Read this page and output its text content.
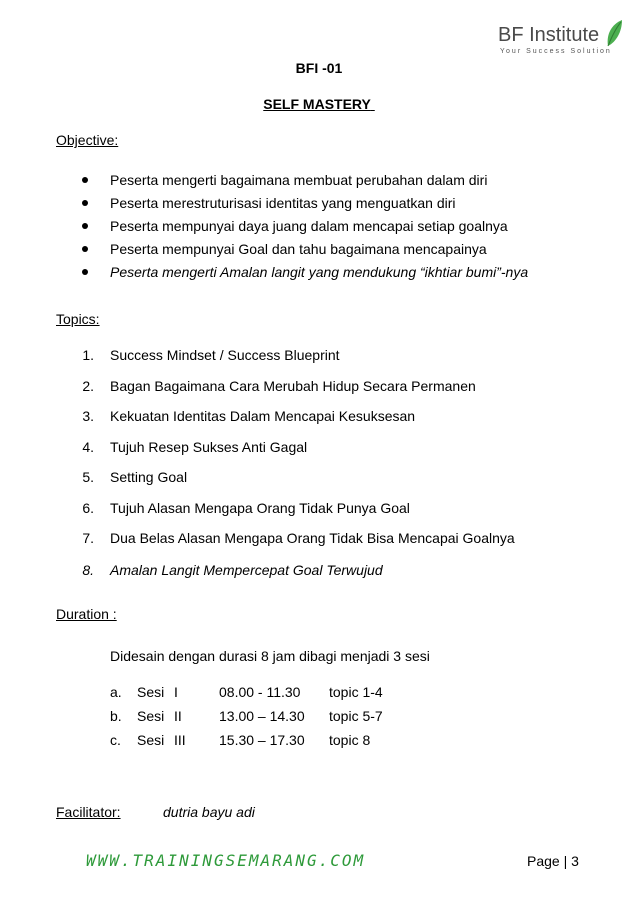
BF Institute
Your Success Solution
BFI -01
SELF MASTERY
Objective:
Peserta mengerti bagaimana membuat perubahan dalam diri
Peserta merestruturisasi identitas yang menguatkan diri
Peserta mempunyai daya juang dalam mencapai setiap goalnya
Peserta mempunyai Goal dan tahu bagaimana mencapainya
Peserta mengerti Amalan langit yang mendukung “ikhtiar bumi”-nya
Topics:
1. Success Mindset / Success Blueprint
2. Bagan Bagaimana Cara Merubah Hidup Secara Permanen
3. Kekuatan Identitas Dalam Mencapai Kesuksesan
4. Tujuh Resep Sukses Anti Gagal
5. Setting Goal
6. Tujuh Alasan Mengapa Orang Tidak Punya Goal
7. Dua Belas Alasan Mengapa Orang Tidak Bisa Mencapai Goalnya
8. Amalan Langit Mempercepat Goal Terwujud
Duration :
Didesain dengan durasi 8 jam dibagi menjadi 3 sesi
a. Sesi I	08.00 - 11.30 topic 1-4
b. Sesi II	13.00 – 14.30 topic 5-7
c. Sesi III 15.30 – 17.30 topic 8
Facilitator:	dutria bayu adi
WWW.TRAININGSEMARANG.COM	Page | 3
